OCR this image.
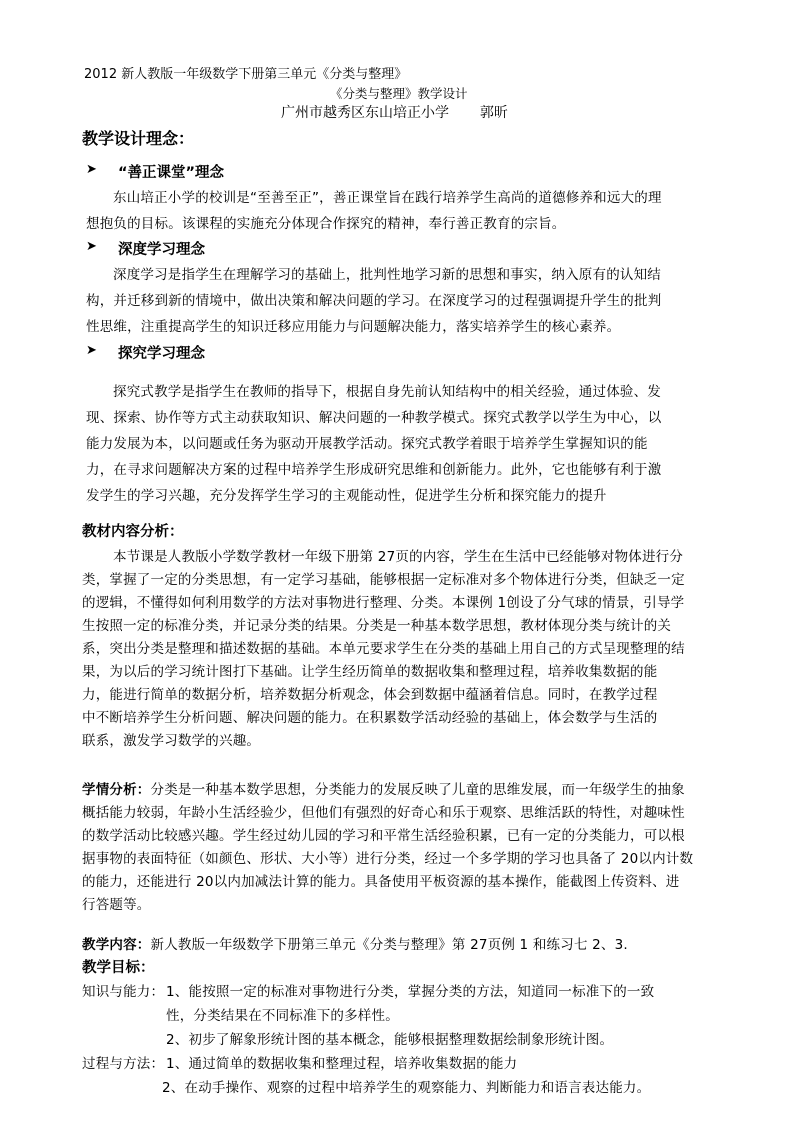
2012 新人教版一年级数学下册第三单元《分类与整理》
《分类与整理》教学设计
广州市越秀区东山培正小学 郭昕
教学设计理念：
➤ “善正课堂”理念
东山培正小学的校训是“至善至正”，善正课堂旨在践行培养学生高尚的道德修养和远大的理
想抱负的目标。该课程的实施充分体现合作探究的精神，奉行善正教育的宗旨。
➤ 深度学习理念
深度学习是指学生在理解学习的基础上，批判性地学习新的思想和事实，纳入原有的认知结
构，并迁移到新的情境中，做出决策和解决问题的学习。在深度学习的过程强调提升学生的批判
性思维，注重提高学生的知识迁移应用能力与问题解决能力，落实培养学生的核心素养。
➤ 探究学习理念
探究式教学是指学生在教师的指导下，根据自身先前认知结构中的相关经验，通过体验、发
现、探索、协作等方式主动获取知识、解决问题的一种教学模式。探究式教学以学生为中心，以
能力发展为本，以问题或任务为驱动开展教学活动。探究式教学着眼于培养学生掌握知识的能
力，在寻求问题解决方案的过程中培养学生形成研究思维和创新能力。此外，它也能够有利于激
发学生的学习兴趣，充分发挥学生学习的主观能动性，促进学生分析和探究能力的提升
教材内容分析：
本节课是人教版小学数学教材一年级下册第 27页的内容，学生在生活中已经能够对物体进行分
类，掌握了一定的分类思想，有一定学习基础，能够根据一定标准对多个物体进行分类，但缺乏一定
的逻辑，不懂得如何利用数学的方法对事物进行整理、分类。本课例 1创设了分气球的情景，引导学
生按照一定的标准分类，并记录分类的结果。分类是一种基本数学思想，教材体现分类与统计的关
系，突出分类是整理和描述数据的基础。本单元要求学生在分类的基础上用自己的方式呈现整理的结
果，为以后的学习统计图打下基础。让学生经历简单的数据收集和整理过程，培养收集数据的能
力，能进行简单的数据分析，培养数据分析观念，体会到数据中蕴涵着信息。同时，在教学过程
中不断培养学生分析问题、解决问题的能力。在积累数学活动经验的基础上，体会数学与生活的
联系，激发学习数学的兴趣。
学情分析：分类是一种基本数学思想，分类能力的发展反映了儿童的思维发展，而一年级学生的抽象
概括能力较弱，年龄小生活经验少，但他们有强烈的好奇心和乐于观察、思维活跃的特性，对趣味性
的数学活动比较感兴趣。学生经过幼儿园的学习和平常生活经验积累，已有一定的分类能力，可以根
据事物的表面特征（如颜色、形状、大小等）进行分类，经过一个多学期的学习也具备了 20以内计数
的能力，还能进行 20以内加减法计算的能力。具备使用平板资源的基本操作，能截图上传资料、进
行答题等。
教学内容：新人教版一年级数学下册第三单元《分类与整理》第 27页例 1 和练习七 2、3.
教学目标：
知识与能力： 1、能按照一定的标准对事物进行分类，掌握分类的方法，知道同一标准下的一致
性，分类结果在不同标准下的多样性。
2、初步了解象形统计图的基本概念，能够根据整理数据绘制象形统计图。
过程与方法： 1、通过简单的数据收集和整理过程，培养收集数据的能力
2、在动手操作、观察的过程中培养学生的观察能力、判断能力和语言表达能力。
